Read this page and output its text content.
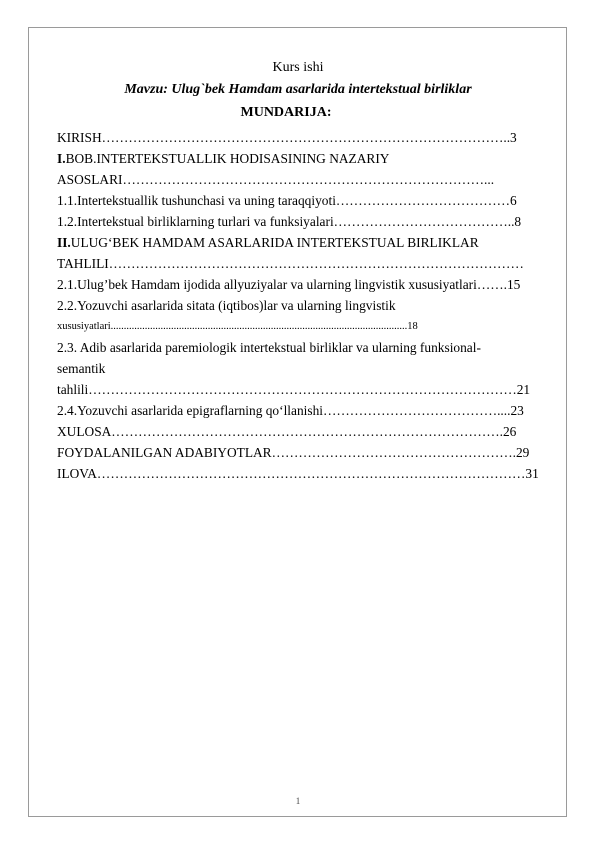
Kurs ishi
Mavzu: Ulug`bek Hamdam asarlarida intertekstual birliklar
MUNDARIJA:
KIRISH………………………………………………………………………………..3
I.BOB.INTERTEKSTUALLIK HODISASINING NAZARIY
ASOSLARI………………………………………………………………………...
1.1.Intertekstuallik tushunchasi va uning taraqqiyoti…………………………………6
1.2.Intertekstual birliklarning turlari va funksiyalari…………………………………..8
II.ULUG‘BEK HAMDAM ASARLARIDA INTERTEKSTUAL BIRLIKLAR
TAHLILI…………………………………………………………………………………
2.1.Ulug’bek Hamdam ijodida allyuziyalar va ularning lingvistik xususiyatlari…….15
2.2.Yozuvchi asarlarida sitata (iqtibos)lar va ularning lingvistik
xususiyatlari.................................................................................................................18
2.3. Adib asarlarida paremiologik intertekstual birliklar va ularning funksional-
semantik
tahlili……………………………………………………………………………………21
2.4.Yozuvchi asarlarida epigraflarning qo‘llanishi…………………………………....23
XULOSA…………………………………………………………………………….26
FOYDALANILGAN ADABIYOTLAR……………………………………………….29
ILOVA……………………………………………………………………………………31
1
